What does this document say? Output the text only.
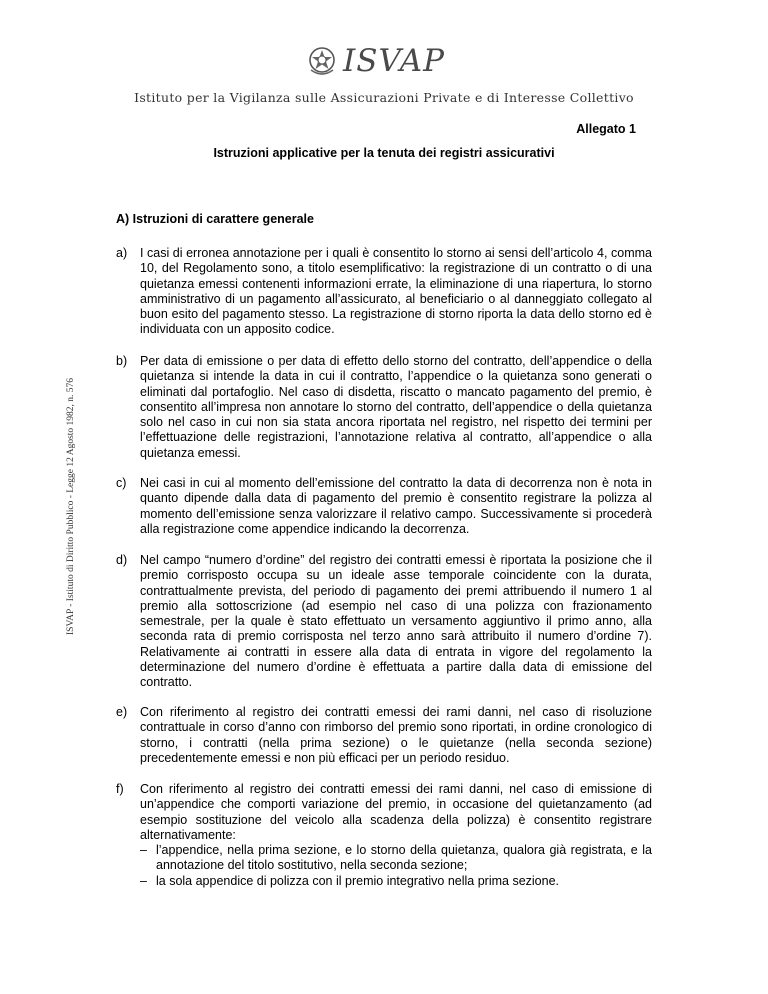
ISVAP
Istituto per la Vigilanza sulle Assicurazioni Private e di Interesse Collettivo
ISVAP - Istituto di Diritto Pubblico - Legge 12 Agosto 1982, n. 576
Allegato 1
Istruzioni applicative per la tenuta dei registri assicurativi
A) Istruzioni di carattere generale
a) I casi di erronea annotazione per i quali è consentito lo storno ai sensi dell’articolo 4, comma 10, del Regolamento sono, a titolo esemplificativo: la registrazione di un contratto o di una quietanza emessi contenenti informazioni errate, la eliminazione di una riapertura, lo storno amministrativo di un pagamento all’assicurato, al beneficiario o al danneggiato collegato al buon esito del pagamento stesso. La registrazione di storno riporta la data dello storno ed è individuata con un apposito codice.
b) Per data di emissione o per data di effetto dello storno del contratto, dell’appendice o della quietanza si intende la data in cui il contratto, l’appendice o la quietanza sono generati o eliminati dal portafoglio. Nel caso di disdetta, riscatto o mancato pagamento del premio, è consentito all’impresa non annotare lo storno del contratto, dell’appendice o della quietanza solo nel caso in cui non sia stata ancora riportata nel registro, nel rispetto dei termini per l’effettuazione delle registrazioni, l’annotazione relativa al contratto, all’appendice o alla quietanza emessi.
c) Nei casi in cui al momento dell’emissione del contratto la data di decorrenza non è nota in quanto dipende dalla data di pagamento del premio è consentito registrare la polizza al momento dell’emissione senza valorizzare il relativo campo. Successivamente si procederà alla registrazione come appendice indicando la decorrenza.
d) Nel campo “numero d’ordine” del registro dei contratti emessi è riportata la posizione che il premio corrisposto occupa su un ideale asse temporale coincidente con la durata, contrattualmente prevista, del periodo di pagamento dei premi attribuendo il numero 1 al premio alla sottoscrizione (ad esempio nel caso di una polizza con frazionamento semestrale, per la quale è stato effettuato un versamento aggiuntivo il primo anno, alla seconda rata di premio corrisposta nel terzo anno sarà attribuito il numero d’ordine 7). Relativamente ai contratti in essere alla data di entrata in vigore del regolamento la determinazione del numero d’ordine è effettuata a partire dalla data di emissione del contratto.
e) Con riferimento al registro dei contratti emessi dei rami danni, nel caso di risoluzione contrattuale in corso d’anno con rimborso del premio sono riportati, in ordine cronologico di storno, i contratti (nella prima sezione) o le quietanze (nella seconda sezione) precedentemente emessi e non più efficaci per un periodo residuo.
f) Con riferimento al registro dei contratti emessi dei rami danni, nel caso di emissione di un’appendice che comporti variazione del premio, in occasione del quietanzamento (ad esempio sostituzione del veicolo alla scadenza della polizza) è consentito registrare alternativamente:
– l’appendice, nella prima sezione, e lo storno della quietanza, qualora già registrata, e la annotazione del titolo sostitutivo, nella seconda sezione;
– la sola appendice di polizza con il premio integrativo nella prima sezione.
